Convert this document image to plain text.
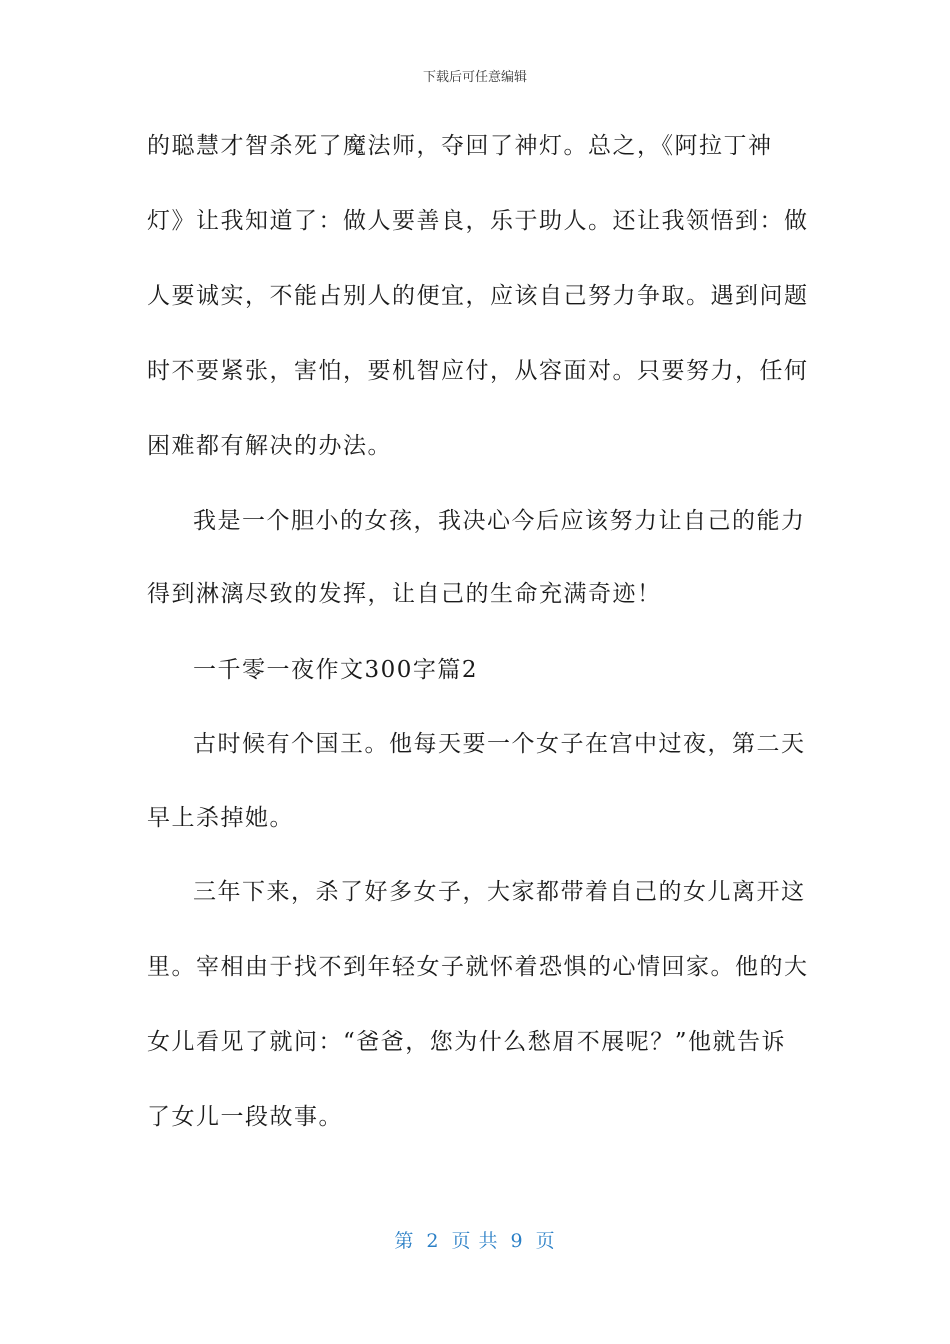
下载后可任意编辑
的聪慧才智杀死了魔法师，夺回了神灯。总之，《阿拉丁神
灯》让我知道了：做人要善良，乐于助人。还让我领悟到：做
人要诚实，不能占别人的便宜，应该自己努力争取。遇到问题
时不要紧张，害怕，要机智应付，从容面对。只要努力，任何
困难都有解决的办法。
我是一个胆小的女孩，我决心今后应该努力让自己的能力
得到淋漓尽致的发挥，让自己的生命充满奇迹！
一千零一夜作文300字篇2
古时候有个国王。他每天要一个女子在宫中过夜，第二天
早上杀掉她。
三年下来，杀了好多女子，大家都带着自己的女儿离开这
里。宰相由于找不到年轻女子就怀着恐惧的心情回家。他的大
女儿看见了就问：“爸爸，您为什么愁眉不展呢？”他就告诉
了女儿一段故事。
第 2 页 共 9 页
